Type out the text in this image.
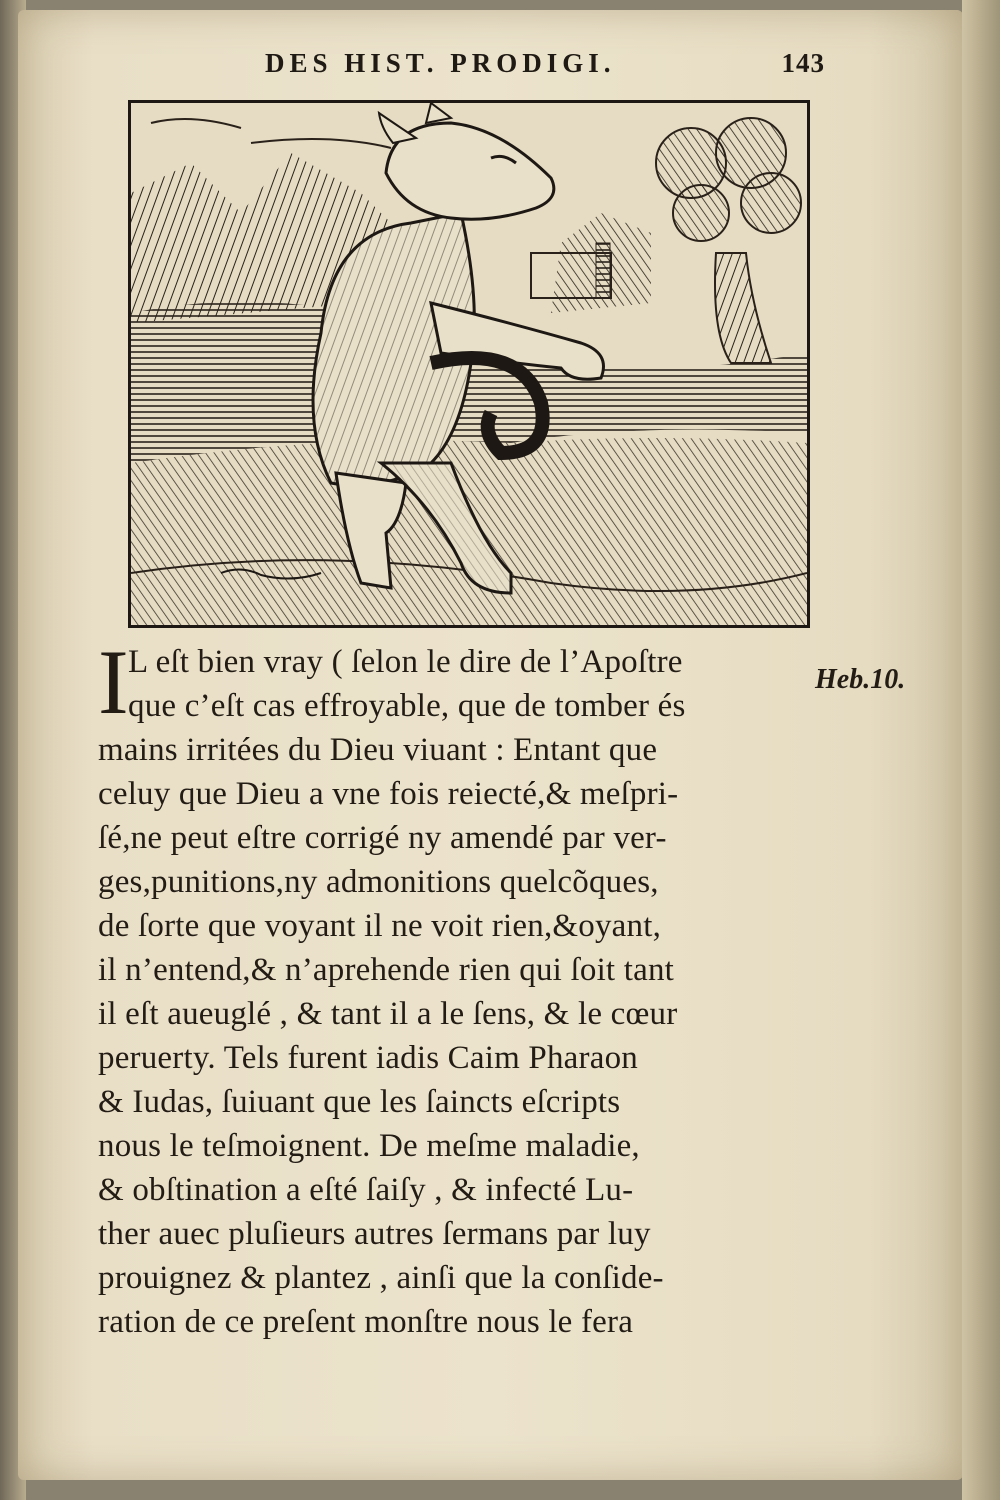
DES HIST. PRODIGI.	143
I L eſt bien vray ( ſelon le dire de l’Apoſtre
que c’eſt cas effroyable, que de tomber és
mains irritées du Dieu viuant : Entant que
celuy que Dieu a vne fois reiecté,& meſpri-
ſé,ne peut eſtre corrigé ny amendé par ver-
ges,punitions,ny admonitions quelcõques,
de ſorte que voyant il ne voit rien,&oyant,
il n’entend,& n’aprehende rien qui ſoit tant
il eſt aueuglé , & tant il a le ſens, & le cœur
peruerty. Tels furent iadis Caim Pharaon
& Iudas, ſuiuant que les ſaincts eſcripts
nous le teſmoignent. De meſme maladie,
& obſtination a eſté ſaiſy , & infecté Lu-
ther auec pluſieurs autres ſermans par luy
prouignez & plantez , ainſi que la conſide-
ration de ce preſent monſtre nous le fera
Heb.10.
